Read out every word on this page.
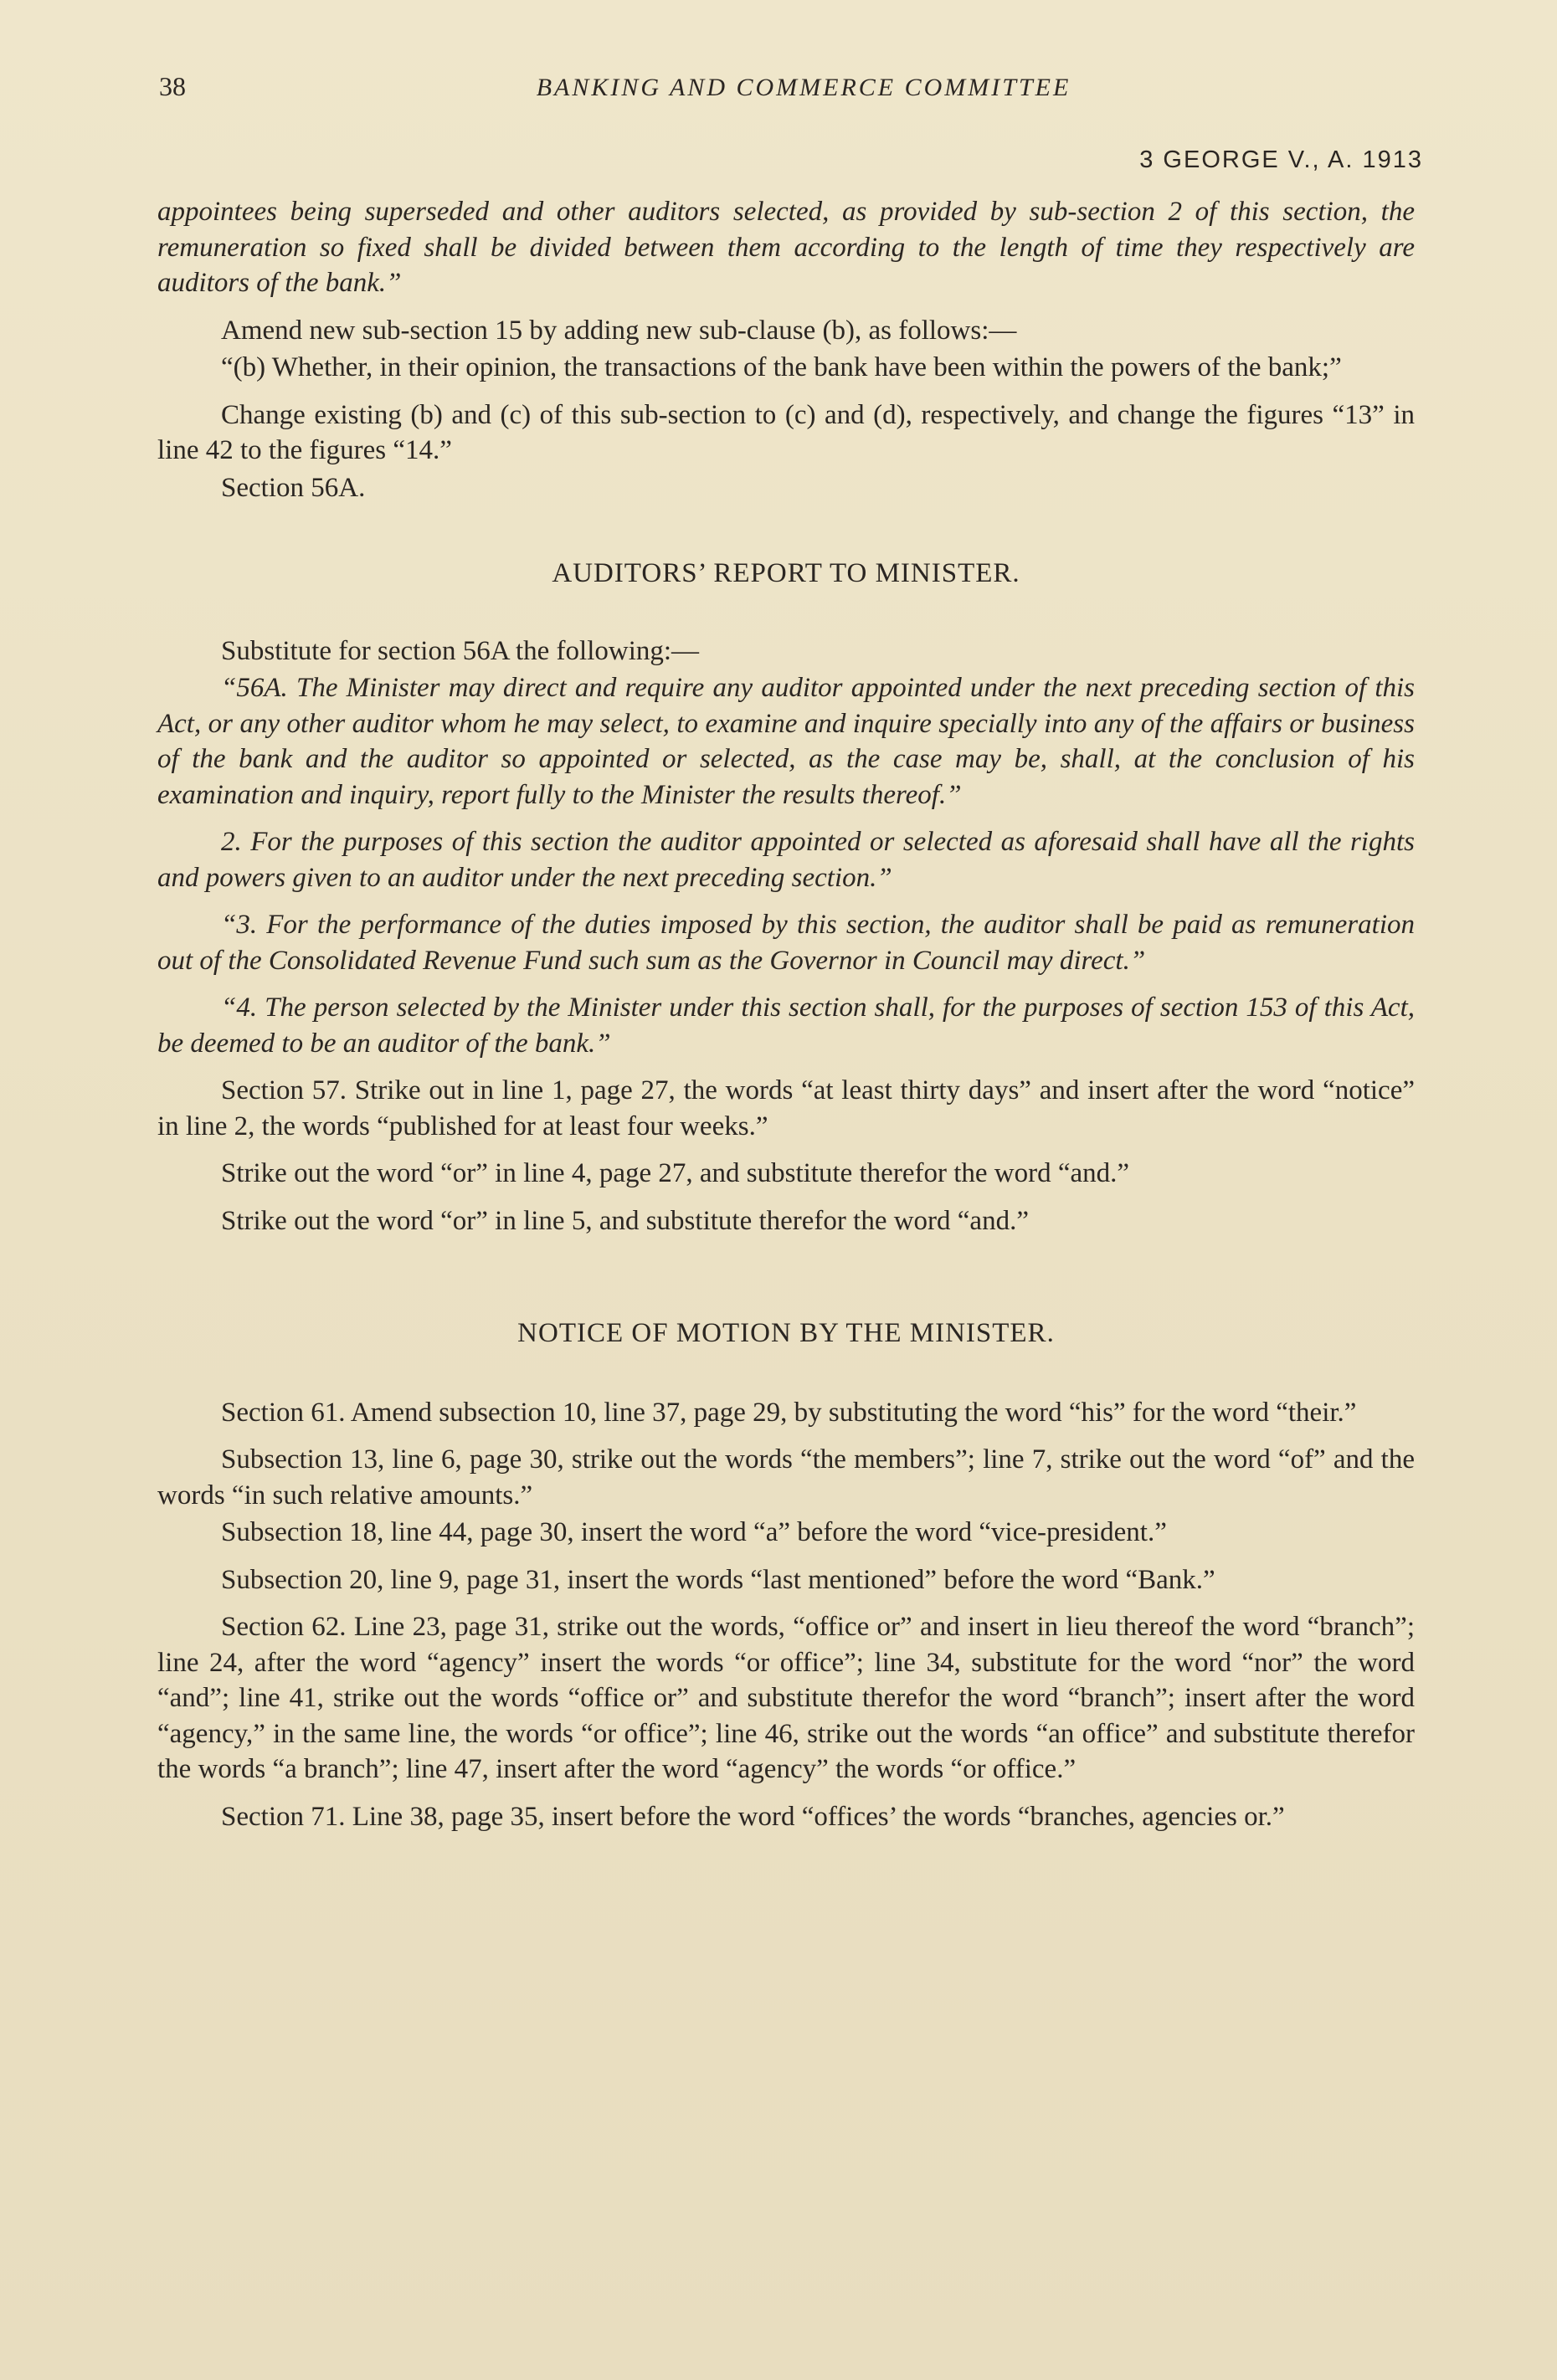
38	BANKING AND COMMERCE COMMITTEE
3 GEORGE V., A. 1913

appointees being superseded and other auditors selected, as provided by sub-section 2 of this section, the remuneration so fixed shall be divided between them according to the length of time they respectively are auditors of the bank.”

Amend new sub-section 15 by adding new sub-clause (b), as follows:—

“(b) Whether, in their opinion, the transactions of the bank have been within the powers of the bank;”

Change existing (b) and (c) of this sub-section to (c) and (d), respectively, and change the figures “13” in line 42 to the figures “14.”

Section 56A.

AUDITORS’ REPORT TO MINISTER.

Substitute for section 56A the following:—

“56A. The Minister may direct and require any auditor appointed under the next preceding section of this Act, or any other auditor whom he may select, to examine and inquire specially into any of the affairs or business of the bank and the auditor so appointed or selected, as the case may be, shall, at the conclusion of his examination and inquiry, report fully to the Minister the results thereof.”

2. For the purposes of this section the auditor appointed or selected as aforesaid shall have all the rights and powers given to an auditor under the next preceding section.”

“3. For the performance of the duties imposed by this section, the auditor shall be paid as remuneration out of the Consolidated Revenue Fund such sum as the Governor in Council may direct.”

“4. The person selected by the Minister under this section shall, for the purposes of section 153 of this Act, be deemed to be an auditor of the bank.”

Section 57. Strike out in line 1, page 27, the words “at least thirty days” and insert after the word “notice” in line 2, the words “published for at least four weeks.”

Strike out the word “or” in line 4, page 27, and substitute therefor the word “and.”

Strike out the word “or” in line 5, and substitute therefor the word “and.”

NOTICE OF MOTION BY THE MINISTER.

Section 61. Amend subsection 10, line 37, page 29, by substituting the word “his” for the word “their.”

Subsection 13, line 6, page 30, strike out the words “the members”; line 7, strike out the word “of” and the words “in such relative amounts.”

Subsection 18, line 44, page 30, insert the word “a” before the word “vice-president.”

Subsection 20, line 9, page 31, insert the words “last mentioned” before the word “Bank.”

Section 62. Line 23, page 31, strike out the words, “office or” and insert in lieu thereof the word “branch”; line 24, after the word “agency” insert the words “or office”; line 34, substitute for the word “nor” the word “and”; line 41, strike out the words “office or” and substitute therefor the word “branch”; insert after the word “agency,” in the same line, the words “or office”; line 46, strike out the words “an office” and substitute therefor the words “a branch”; line 47, insert after the word “agency” the words “or office.”

Section 71. Line 38, page 35, insert before the word “offices’ the words “branches, agencies or.”
